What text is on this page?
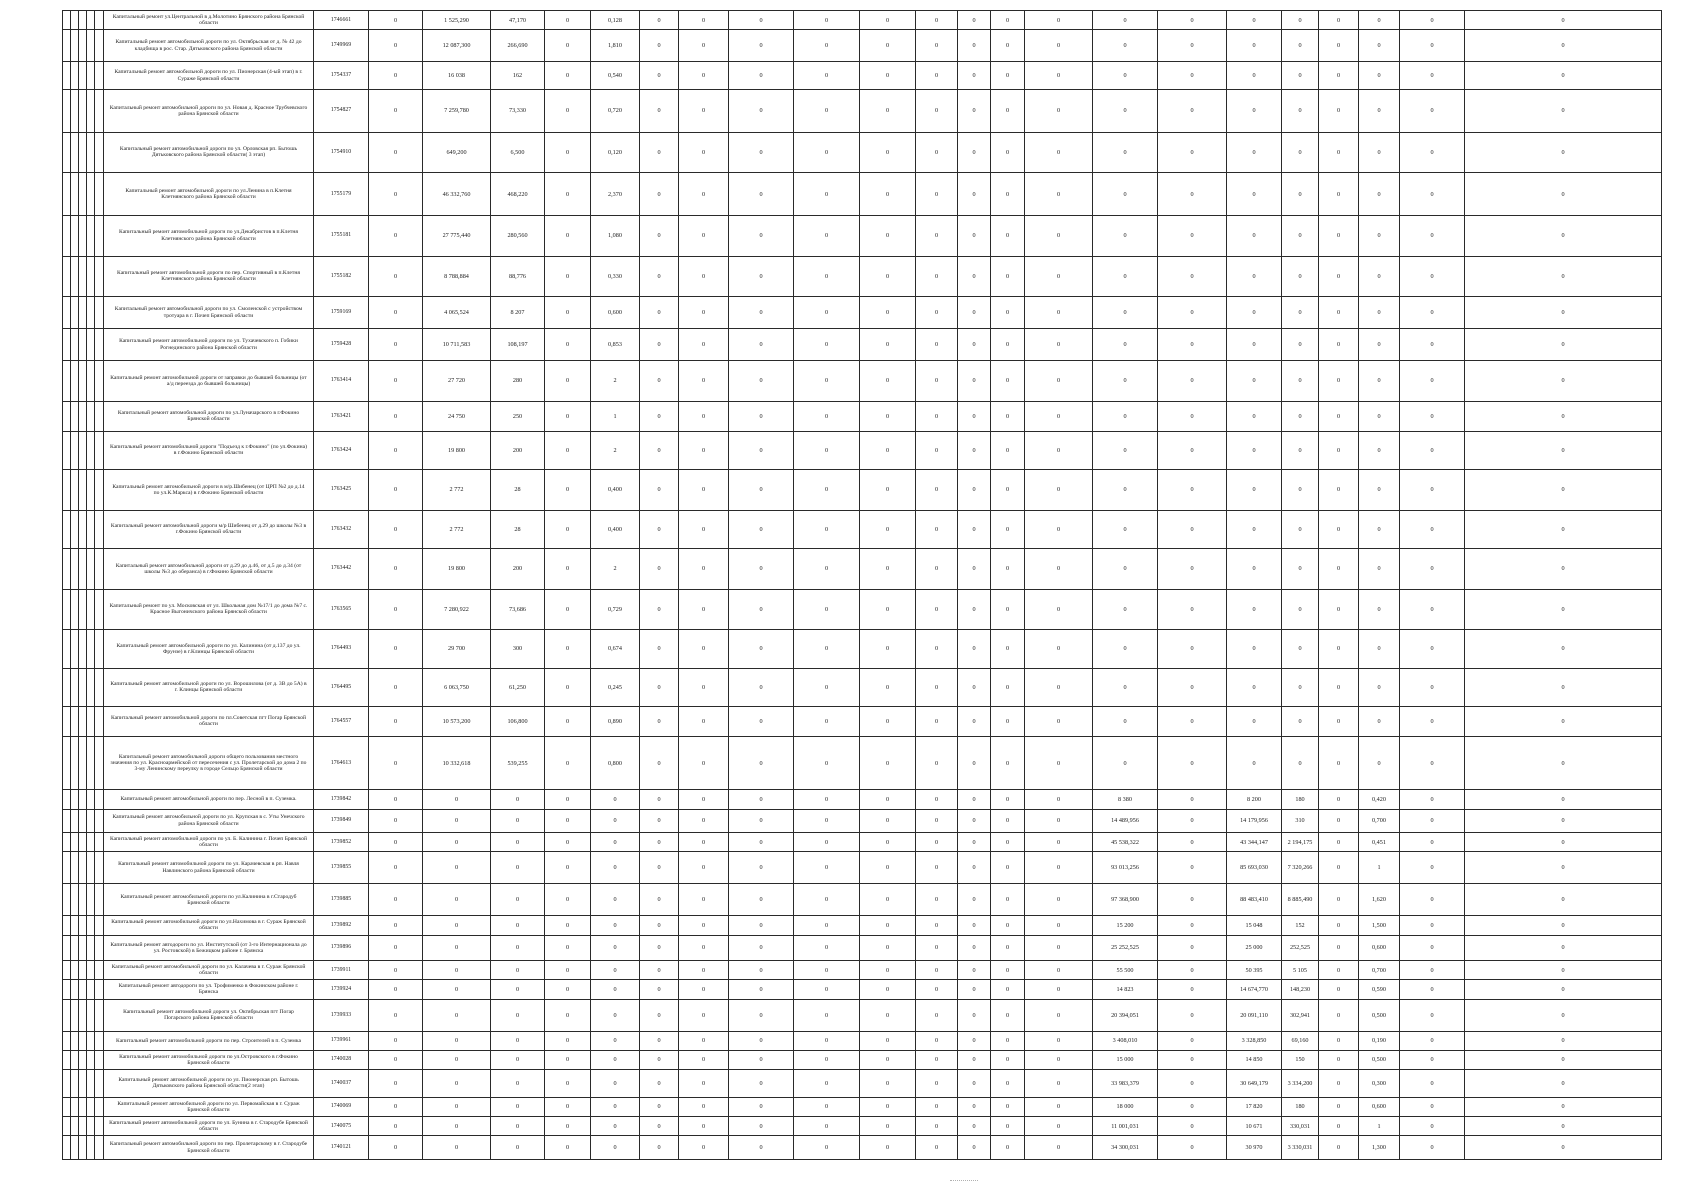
					Капитальный ремонт ул.Центральной в д.Молотино Брянского района Брянской области	1746661	0	1 525,290	47,170	0	0,128	0	0	0	0	0	0	0	0	0	0	0	0	0	0	0	0	0
					Капитальный ремонт автомобильной дороги по ул. Октябрьская от д. № 42 до кладбища в рос. Стар. Дятьковского района Брянской области	1749969	0	12 087,300	266,690	0	1,810	0	0	0	0	0	0	0	0	0	0	0	0	0	0	0	0	0
					Капитальный ремонт автомобильной дороги по ул. Пионерская (4-ый этап) в г. Сураже Брянской области	1754337	0	16 038	162	0	0,540	0	0	0	0	0	0	0	0	0	0	0	0	0	0	0	0	0
					Капитальный ремонт автомобильной дороги по ул. Новая д. Красное Трубчевского района Брянской области	1754827	0	7 259,780	73,330	0	0,720	0	0	0	0	0	0	0	0	0	0	0	0	0	0	0	0	0
					Капитальный ремонт автомобильной дороги по ул. Орловская рп. Бытошь Дятьковского района Брянской области( 3 этап)	1754910	0	649,200	6,500	0	0,120	0	0	0	0	0	0	0	0	0	0	0	0	0	0	0	0	0
					Капитальный ремонт автомобильной дороги по ул.Ленина в п.Клетня Клетнянского района Брянской области	1755179	0	46 332,760	468,220	0	2,370	0	0	0	0	0	0	0	0	0	0	0	0	0	0	0	0	0
					Капитальный ремонт автомобильной дороги по ул.Декабристов в п.Клетня Клетнянского района Брянской области	1755181	0	27 775,440	280,560	0	1,080	0	0	0	0	0	0	0	0	0	0	0	0	0	0	0	0	0
					Капитальный ремонт автомобильной дороги по пер. Спортивный в п.Клетня Клетнянского района Брянской области	1755182	0	8 788,884	88,776	0	0,330	0	0	0	0	0	0	0	0	0	0	0	0	0	0	0	0	0
					Капитальный ремонт автомобильной дороги по ул. Смоленской с устройством тротуара в г. Почеп Брянской области	1759169	0	4 065,524	8 207	0	0,600	0	0	0	0	0	0	0	0	0	0	0	0	0	0	0	0	0
					Капитальный ремонт автомобильной дороги по ул. Тухачевского п. Гобики Рогнединского района Брянской области	1759428	0	10 711,583	108,197	0	0,853	0	0	0	0	0	0	0	0	0	0	0	0	0	0	0	0	0
					Капитальный ремонт автомобильной дороги от заправки до бывшей больницы (от а/д переезда до бывшей больницы)	1763414	0	27 720	280	0	2	0	0	0	0	0	0	0	0	0	0	0	0	0	0	0	0	0
					Капитальный ремонт автомобильной дороги по ул.Луначарского в г.Фокино Брянской области	1763421	0	24 750	250	0	1	0	0	0	0	0	0	0	0	0	0	0	0	0	0	0	0	0
					Капитальный ремонт автомобильной дороги "Подъезд к г.Фокино" (по ул.Фокина) в г.Фокино Брянской области	1763424	0	19 800	200	0	2	0	0	0	0	0	0	0	0	0	0	0	0	0	0	0	0	0
					Капитальный ремонт автомобильной дороги в м/р.Шибенец (от ЦРП №2 до д.14 по ул.К.Маркса) в г.Фокино Брянской области	1763425	0	2 772	28	0	0,400	0	0	0	0	0	0	0	0	0	0	0	0	0	0	0	0	0
					Капитальный ремонт автомобильной дороги м/р Шибенец от д.29 до школы №3 в г.Фокино Брянской области	1763432	0	2 772	28	0	0,400	0	0	0	0	0	0	0	0	0	0	0	0	0	0	0	0	0
					Капитальный ремонт автомобильной дороги от д.29 до д.46, от д.5 до д.34 (от школы №3 до оберанса) в г.Фокино Брянской области	1763442	0	19 800	200	0	2	0	0	0	0	0	0	0	0	0	0	0	0	0	0	0	0	0
					Капитальный ремонт по ул. Московская от ул. Школьная дом №17/1 до дома №7 с. Красное Выгоничского района Брянской области	1763565	0	7 280,922	73,686	0	0,729	0	0	0	0	0	0	0	0	0	0	0	0	0	0	0	0	0
					Капитальный ремонт автомобильной дороги по ул. Калинина (от д.137 до ул. Фрунзе) в г.Клинцы Брянской области	1764493	0	29 700	300	0	0,674	0	0	0	0	0	0	0	0	0	0	0	0	0	0	0	0	0
					Капитальный ремонт автомобильной дороги по ул. Ворошилова (от д. 3В до 5А) в г. Клинцы Брянской области	1764495	0	6 063,750	61,250	0	0,245	0	0	0	0	0	0	0	0	0	0	0	0	0	0	0	0	0
					Капитальный ремонт автомобильной дороги по пл.Советская пгт Погар Брянской области	1764557	0	10 573,200	106,800	0	0,890	0	0	0	0	0	0	0	0	0	0	0	0	0	0	0	0	0
					Капитальный ремонт автомобильной дороги общего пользования местного значения по ул. Красноармейской от пересечения с ул. Пролетарской до дома 2 по 3-му Ленинскому переулку в городе Сельцо Брянской области	1764613	0	10 332,618	539,255	0	0,800	0	0	0	0	0	0	0	0	0	0	0	0	0	0	0	0	0
					Капитальный ремонт автомобильной дороги по пер. Лесной в п. Суземка.	1739842	0	0	0	0	0	0	0	0	0	0	0	0	0	0	8 380	0	8 200	180	0	0,420	0	0
					Капитальный ремонт автомобильной дороги по ул. Крупская в с. Уты Унечского района Брянской области	1739849	0	0	0	0	0	0	0	0	0	0	0	0	0	0	14 489,956	0	14 179,956	310	0	0,700	0	0
					Капитальный ремонт автомобильной дороги по ул. Б. Калинина г. Почеп Брянской области	1739852	0	0	0	0	0	0	0	0	0	0	0	0	0	0	45 538,322	0	43 344,147	2 194,175	0	0,451	0	0
					Капитальный ремонт автомобильной дороги по ул. Карачевская в рп. Навля Навлинского района Брянской области	1739855	0	0	0	0	0	0	0	0	0	0	0	0	0	0	93 013,256	0	85 693,030	7 320,266	0	1	0	0
					Капитальный ремонт автомобильной дороги по ул.Калинина в г.Стародуб Брянской области	1739885	0	0	0	0	0	0	0	0	0	0	0	0	0	0	97 368,900	0	88 483,410	8 885,490	0	1,620	0	0
					Капитальный ремонт автомобильной дороги по ул.Нахимова в г. Сураж Брянской области	1739892	0	0	0	0	0	0	0	0	0	0	0	0	0	0	15 200	0	15 048	152	0	1,500	0	0
					Капитальный ремонт автодороги по ул. Институтской (от 3-го Интернационала до ул. Ростовской) в Бежицком районе г. Брянска	1739896	0	0	0	0	0	0	0	0	0	0	0	0	0	0	25 252,525	0	25 000	252,525	0	0,600	0	0
					Капитальный ремонт автомобильной дороги по ул. Калачева в г. Сураж Брянской области	1739911	0	0	0	0	0	0	0	0	0	0	0	0	0	0	55 500	0	50 395	5 105	0	0,700	0	0
					Капитальный ремонт автодороги по ул. Трофименко в Фокинском районе г. Брянска	1739924	0	0	0	0	0	0	0	0	0	0	0	0	0	0	14 823	0	14 674,770	148,230	0	0,590	0	0
					Капитальный ремонт автомобильной дороги ул. Октябрьская пгт Погар Погарского района Брянской области	1739933	0	0	0	0	0	0	0	0	0	0	0	0	0	0	20 394,051	0	20 091,110	302,941	0	0,500	0	0
					Капитальный ремонт автомобильной дороги по пер. Строителей в п. Суземка	1739961	0	0	0	0	0	0	0	0	0	0	0	0	0	0	3 408,010	0	3 328,850	69,160	0	0,190	0	0
					Капитальный ремонт автомобильной дороги по ул.Островского в г.Фокино Брянской области	1740028	0	0	0	0	0	0	0	0	0	0	0	0	0	0	15 000	0	14 850	150	0	0,500	0	0
					Капитальный ремонт автомобильной дороги по ул. Пионерская рп. Бытошь Дятьковского района Брянской области(2 этап)	1740037	0	0	0	0	0	0	0	0	0	0	0	0	0	0	33 983,379	0	30 649,179	3 334,200	0	0,300	0	0
					Капитальный ремонт автомобильной дороги по ул. Первомайская в г. Сураж Брянской области	1740069	0	0	0	0	0	0	0	0	0	0	0	0	0	0	18 000	0	17 820	180	0	0,600	0	0
					Капитальный ремонт автомобильной дороги по ул. Бунина в г. Стародубе Брянской области	1740075	0	0	0	0	0	0	0	0	0	0	0	0	0	0	11 001,031	0	10 671	330,031	0	1	0	0
					Капитальный ремонт автомобильной дороги по пер. Пролетарскому в г. Стародубе Брянской области	1740121	0	0	0	0	0	0	0	0	0	0	0	0	0	0	34 300,031	0	30 970	3 330,031	0	1,300	0	0
